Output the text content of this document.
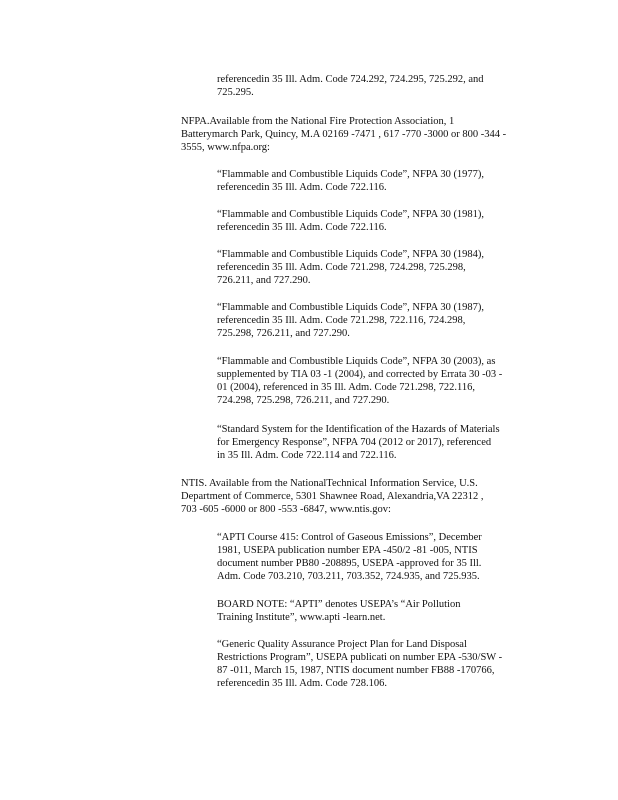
referencedin 35 Ill. Adm. Code 724.292, 724.295, 725.292, and
725.295.
NFPA.Available from the National Fire Protection Association, 1
Batterymarch Park, Quincy, M.A 02169 -7471 , 617 -770 -3000 or 800 -344 -
3555, www.nfpa.org:
“Flammable and Combustible Liquids Code”, NFPA 30 (1977),
referencedin 35 Ill. Adm. Code 722.116.
“Flammable and Combustible Liquids Code”, NFPA 30 (1981),
referencedin 35 Ill. Adm. Code 722.116.
“Flammable and Combustible Liquids Code”, NFPA 30 (1984),
referencedin 35 Ill. Adm. Code 721.298, 724.298, 725.298,
726.211, and 727.290.
“Flammable and Combustible Liquids Code”, NFPA 30 (1987),
referencedin 35 Ill. Adm. Code 721.298, 722.116, 724.298,
725.298, 726.211, and 727.290.
“Flammable and Combustible Liquids Code”, NFPA 30 (2003), as
supplemented by TIA 03 -1 (2004), and corrected by Errata 30 -03 -
01 (2004), referenced in 35 Ill. Adm. Code 721.298, 722.116,
724.298, 725.298, 726.211, and 727.290.
“Standard System for the Identification of the Hazards of Materials
for Emergency Response”, NFPA 704 (2012 or 2017), referenced
in 35 Ill. Adm. Code 722.114 and 722.116.
NTIS. Available from the NationalTechnical Information Service, U.S.
Department of Commerce, 5301 Shawnee Road, Alexandria,VA 22312 ,
703 -605 -6000 or 800 -553 -6847, www.ntis.gov:
“APTI Course 415: Control of Gaseous Emissions”, December
1981, USEPA publication number EPA -450/2 -81 -005, NTIS
document number PB80 -208895, USEPA -approved for 35 Ill.
Adm. Code 703.210, 703.211, 703.352, 724.935, and 725.935.
BOARD NOTE: “APTI” denotes USEPA’s “Air Pollution
Training Institute”, www.apti -learn.net.
“Generic Quality Assurance Project Plan for Land Disposal
Restrictions Program”, USEPA publicati on number EPA -530/SW -
87 -011, March 15, 1987, NTIS document number FB88 -170766,
referencedin 35 Ill. Adm. Code 728.106.
